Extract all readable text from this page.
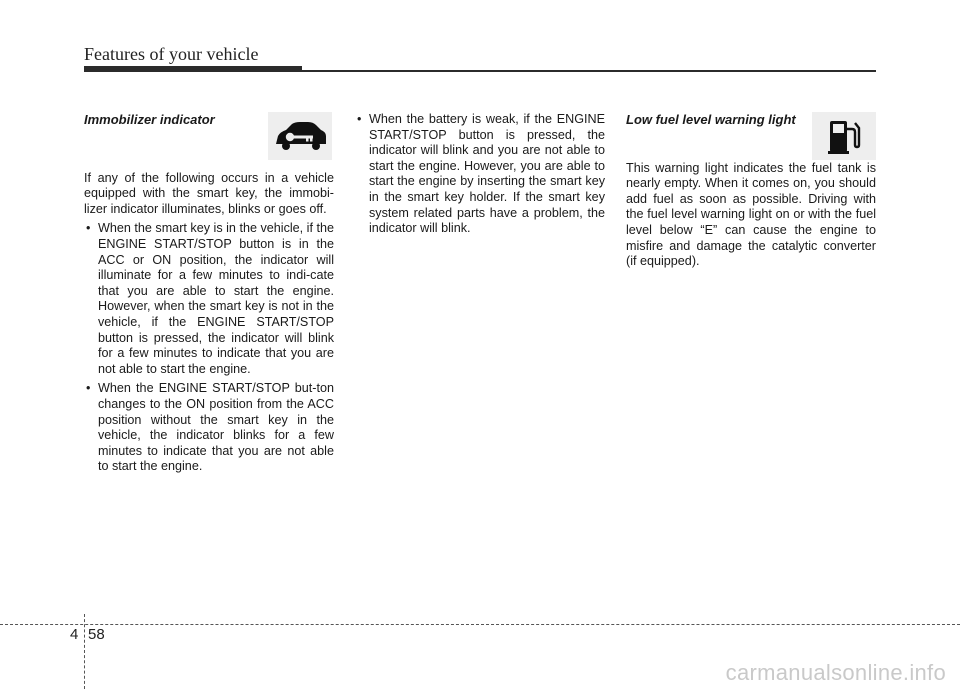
Features of your vehicle
Immobilizer indicator

If any of the following occurs in a vehicle equipped with the smart key, the immobi-lizer indicator illuminates, blinks or goes off.

• When the smart key is in the vehicle, if the ENGINE START/STOP button is in the ACC or ON position, the indicator will illuminate for a few minutes to indi-cate that you are able to start the engine. However, when the smart key is not in the vehicle, if the ENGINE START/STOP button is pressed, the indicator will blink for a few minutes to indicate that you are not able to start the engine.
• When the ENGINE START/STOP but-ton changes to the ON position from the ACC position without the smart key in the vehicle, the indicator blinks for a few minutes to indicate that you are not able to start the engine.
• When the battery is weak, if the ENGINE START/STOP button is pressed, the indicator will blink and you are not able to start the engine. However, you are able to start the engine by inserting the smart key in the smart key holder. If the smart key system related parts have a problem, the indicator will blink.
Low fuel level warning light

This warning light indicates the fuel tank is nearly empty. When it comes on, you should add fuel as soon as possible. Driving with the fuel level warning light on or with the fuel level below “E” can cause the engine to misfire and damage the catalytic converter (if equipped).

4 58
carmanualsonline.info
